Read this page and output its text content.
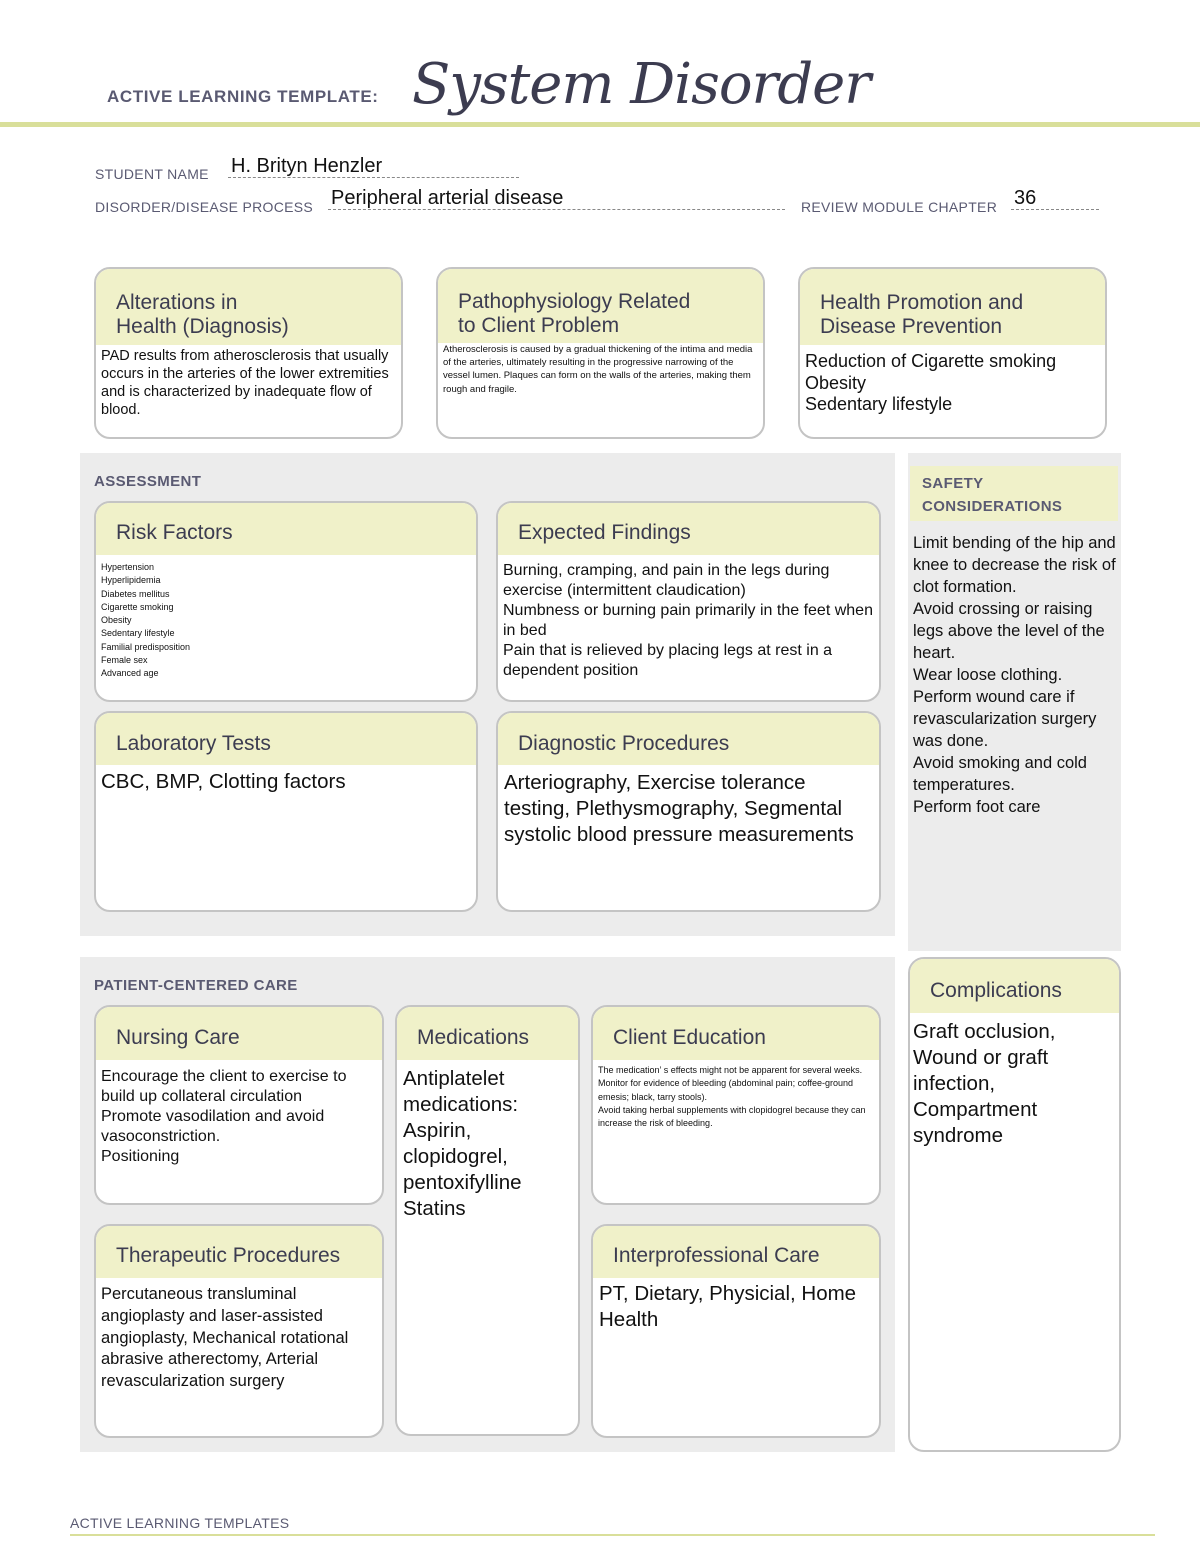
ACTIVE LEARNING TEMPLATE: System Disorder
STUDENT NAME H. Brityn Henzler
DISORDER/DISEASE PROCESS Peripheral arterial disease	REVIEW MODULE CHAPTER 36
Alterations in
Health (Diagnosis)
PAD results from atherosclerosis that usually occurs in the arteries of the lower extremities and is characterized by inadequate flow of blood.
Pathophysiology Related
to Client Problem
Atherosclerosis is caused by a gradual thickening of the intima and media of the arteries, ultimately resulting in the progressive narrowing of the vessel lumen. Plaques can form on the walls of the arteries, making them rough and fragile.
Health Promotion and
Disease Prevention
Reduction of Cigarette smoking
Obesity
Sedentary lifestyle
ASSESSMENT
Risk Factors
Hypertension
Hyperlipidemia
Diabetes mellitus
Cigarette smoking
Obesity
Sedentary lifestyle
Familial predisposition
Female sex
Advanced age
Expected Findings
Burning, cramping, and pain in the legs during exercise (intermittent claudication)
Numbness or burning pain primarily in the feet when in bed
Pain that is relieved by placing legs at rest in a dependent position
Laboratory Tests
CBC, BMP, Clotting factors
Diagnostic Procedures
Arteriography, Exercise tolerance testing, Plethysmography, Segmental systolic blood pressure measurements
SAFETY
CONSIDERATIONS
Limit bending of the hip and knee to decrease the risk of clot formation.
Avoid crossing or raising legs above the level of the heart.
Wear loose clothing.
Perform wound care if revascularization surgery was done.
Avoid smoking and cold temperatures.
Perform foot care
PATIENT-CENTERED CARE
Nursing Care
Encourage the client to exercise to build up collateral circulation
Promote vasodilation and avoid vasoconstriction.
Positioning
Medications
Antiplatelet medications: Aspirin, clopidogrel, pentoxifylline
Statins
Client Education
The medication’ s effects might not be apparent for several weeks.
Monitor for evidence of bleeding (abdominal pain; coffee-ground emesis; black, tarry stools).
Avoid taking herbal supplements with clopidogrel because they can increase the risk of bleeding.
Therapeutic Procedures
Percutaneous transluminal angioplasty and laser-assisted angioplasty, Mechanical rotational abrasive atherectomy, Arterial revascularization surgery
Interprofessional Care
PT, Dietary, Physicial, Home Health
Complications
Graft occlusion, Wound or graft infection, Compartment syndrome
ACTIVE LEARNING TEMPLATES
